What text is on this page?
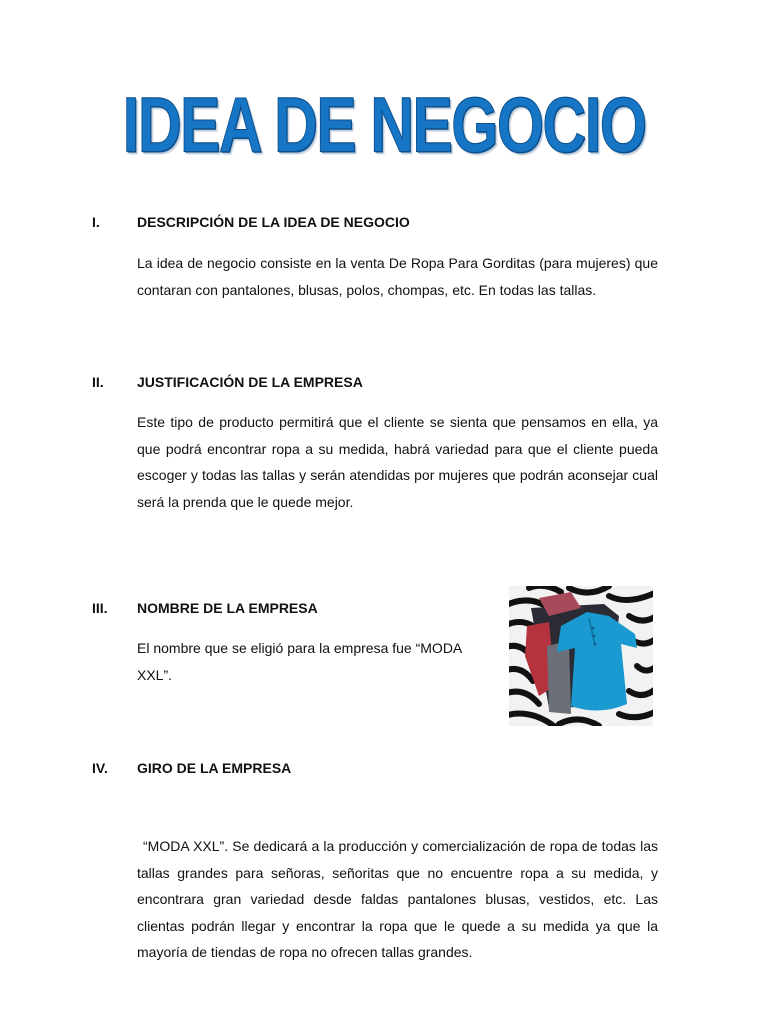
IDEA DE NEGOCIO
I.	DESCRIPCIÓN DE LA IDEA DE NEGOCIO

La idea de negocio consiste en la venta De Ropa Para Gorditas (para mujeres) que contaran con pantalones, blusas, polos, chompas, etc. En todas las tallas.

II.	JUSTIFICACIÓN DE LA EMPRESA

Este tipo de producto permitirá que el cliente se sienta que pensamos en ella, ya que podrá encontrar ropa a su medida, habrá variedad para que el cliente pueda escoger y todas las tallas y serán atendidas por mujeres que podrán aconsejar cual será la prenda que le quede mejor.

III.	NOMBRE DE LA EMPRESA

El nombre que se eligió para la empresa fue “MODA XXL”.

IV.	GIRO DE LA EMPRESA

“MODA XXL”. Se dedicará a la producción y comercialización de ropa de todas las tallas grandes para señoras, señoritas que no encuentre ropa a su medida, y encontrara gran variedad desde faldas pantalones blusas, vestidos, etc. Las clientas podrán llegar y encontrar la ropa que le quede a su medida ya que la mayoría de tiendas de ropa no ofrecen tallas grandes.
